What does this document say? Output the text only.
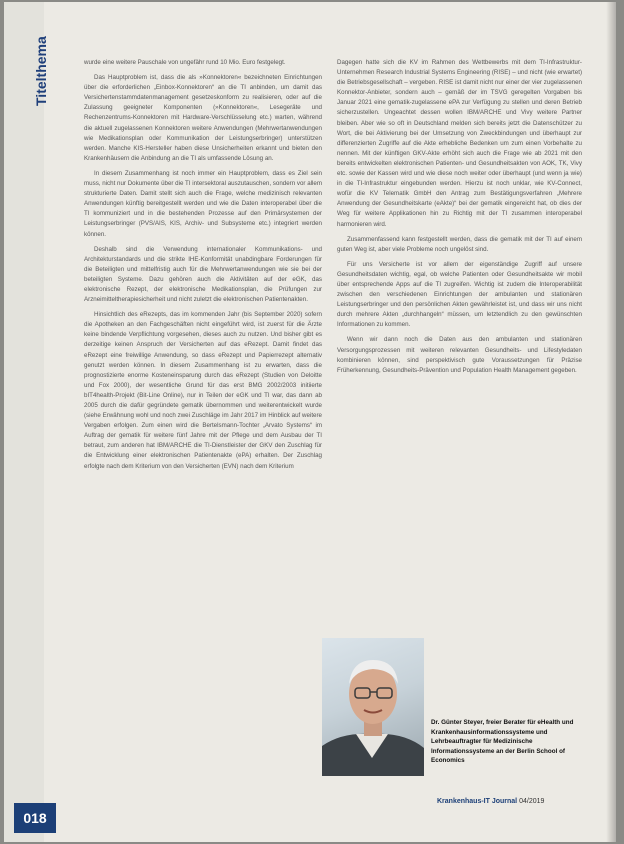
Titelthema	wurde eine weitere Pauschale von ungefähr rund 10 Mio. Euro festgelegt.

Das Hauptproblem ist, dass die als »Konnektoren« bezeichneten Einrichtungen über die erforderlichen „Einbox-Konnektoren“ an die TI anbinden, um damit das Versichertenstammdatenmanagement gesetzeskonform zu realisieren, oder auf die Zulassung geeigneter Komponenten (»Konnektoren«, Lesegeräte und Rechenzentrums-Konnektoren mit Hardware-Verschlüsselung etc.) warten, während die aktuell zugelassenen Konnektoren weitere Anwendungen (Mehrwertanwendungen wie Medikationsplan oder Kommunikation der Leistungserbringer) unterstützen werden. Manche KIS-Hersteller haben diese Unsicherheiten erkannt und bieten den Krankenhäusern die Anbindung an die TI als umfassende Lösung an.

In diesem Zusammenhang ist noch immer ein Hauptproblem, dass es Ziel sein muss, nicht nur Dokumente über die TI intersektoral auszutauschen, sondern vor allem strukturierte Daten. Damit stellt sich auch die Frage, welche medizinisch relevanten Anwendungen künftig bereitgestellt werden und wie die Daten interoperabel über die TI kommuniziert und in die bestehenden Prozesse auf den Primärsystemen der Leistungserbringer (PVS/AIS, KIS, Archiv- und Subsysteme etc.) integriert werden können.

Deshalb sind die Verwendung internationaler Kommunikations- und Architekturstandards und die strikte IHE-Konformität unabdingbare Forderungen für die Beteiligten und mittelfristig auch für die Mehrwertanwendungen wie sie bei der beteiligten Systeme. Dazu gehören auch die Aktivitäten auf der eGK, das elektronische Rezept, der elektronische Medikationsplan, die Prüfungen zur Arzneimitteltherapiesicherheit und nicht zuletzt die elektronischen Patientenakten.

Hinsichtlich des eRezepts, das im kommenden Jahr (bis September 2020) sofern die Apotheken an den Fachgeschäften nicht eingeführt wird, ist zuerst für die Ärzte keine bindende Verpflichtung vorgesehen, dieses auch zu nutzen. Und bisher gibt es derzeitige keinen Anspruch der Versicherten auf das eRezept. Damit findet das eRezept eine freiwillige Anwendung, so dass eRezept und Papierrezept alternativ genutzt werden können. In diesem Zusammenhang ist zu erwarten, dass die prognostizierte enorme Kosteneinsparung durch das eRezept (Studien von Deloitte und Fox 2000), der wesentliche Grund für das erst BMG 2002/2003 initiierte bIT4health-Projekt (Bit-Line Online), nur in Teilen der eGK und TI war, das dann ab 2005 durch die dafür gegründete gematik übernommen und weiterentwickelt wurde (siehe Erwähnung wohl und noch zwei Zuschläge im Jahr 2017 im Hinblick auf weitere Vergaben erfolgen. Zum einen wird die Bertelsmann-Tochter „Arvato Systems“ im Auftrag der gematik für weitere fünf Jahre mit der Pflege und dem Ausbau der TI betraut, zum anderen hat IBM/ARCHE die TI-Dienstleister der GKV den Zuschlag für die Entwicklung einer elektronischen Patientenakte (ePA) erhalten. Der Zuschlag erfolgte nach dem Kriterium von den Versicherten (EVN) nach dem Kriterium

Dagegen hatte sich die KV im Rahmen des Wettbewerbs mit dem TI-Infrastruktur-Unternehmen Research Industrial Systems Engineering (RISE) – und nicht (wie erwartet) die Betriebsgesellschaft – vergeben. RISE ist damit nicht nur einer der vier zugelassenen Konnektor-Anbieter, sondern auch – gemäß der im TSVG geregelten Vorgaben bis Januar 2021 eine gematik-zugelassene ePA zur Verfügung zu stellen und deren Betrieb sicherzustellen. Ungeachtet dessen wollen IBM/ARCHE und Vivy weitere Partner bleiben. Aber wie so oft in Deutschland melden sich bereits jetzt die Datenschützer zu Wort, die bei Aktivierung bei der Umsetzung von Zweckbindungen und überhaupt zur differenzierten Zugriffe auf die Akte erhebliche Bedenken um zum einen Vorbehalte zu nennen. Mit der künftigen GKV-Akte erhöht sich auch die Frage wie ab 2021 mit den bereits entwickelten elektronischen Patienten- und Gesundheitsakten von AOK, TK, Vivy etc. sowie der Kassen wird und wie diese noch weiter oder überhaupt (und wenn ja wie) in die TI-Infrastruktur eingebunden werden. Hierzu ist noch unklar, wie KV-Connect, wofür die KV Telematik GmbH den Antrag zum Bestätigungsverfahren „Mehrere Anwendung der Gesundheitskarte (eAkte)“ bei der gematik eingereicht hat, ob dies der Weg für weitere Applikationen hin zu Richtig mit der TI zusammen interoperabel harmonieren wird.

Zusammenfassend kann festgestellt werden, dass die gematik mit der TI auf einem guten Weg ist, aber viele Probleme noch ungelöst sind.

Für uns Versicherte ist vor allem der eigenständige Zugriff auf unsere Gesundheitsdaten wichtig, egal, ob welche Patienten oder Gesundheitsakte wir mobil über entsprechende Apps auf die TI zugreifen. Wichtig ist zudem die Interoperabilität zwischen den verschiedenen Einrichtungen der ambulanten und stationären Leistungserbringer und den persönlichen Akten gewährleistet ist, und dass wir uns nicht durch mehrere Akten „durchhangeln“ müssen, um letztendlich zu den gewünschten Informationen zu kommen.

Wenn wir dann noch die Daten aus den ambulanten und stationären Versorgungsprozessen mit weiteren relevanten Gesundheits- und Lifestyledaten kombinieren können, sind perspektivisch gute Voraussetzungen für Präzise Früherkennung, Gesundheits-Prävention und Population Health Management gegeben.

Dr. Günter Steyer, freier Berater für eHealth und Krankenhausinformationssysteme und Lehrbeauftragter für Medizinische Informationssysteme an der Berlin School of Economics
Krankenhaus-IT Journal 04/2019
018
